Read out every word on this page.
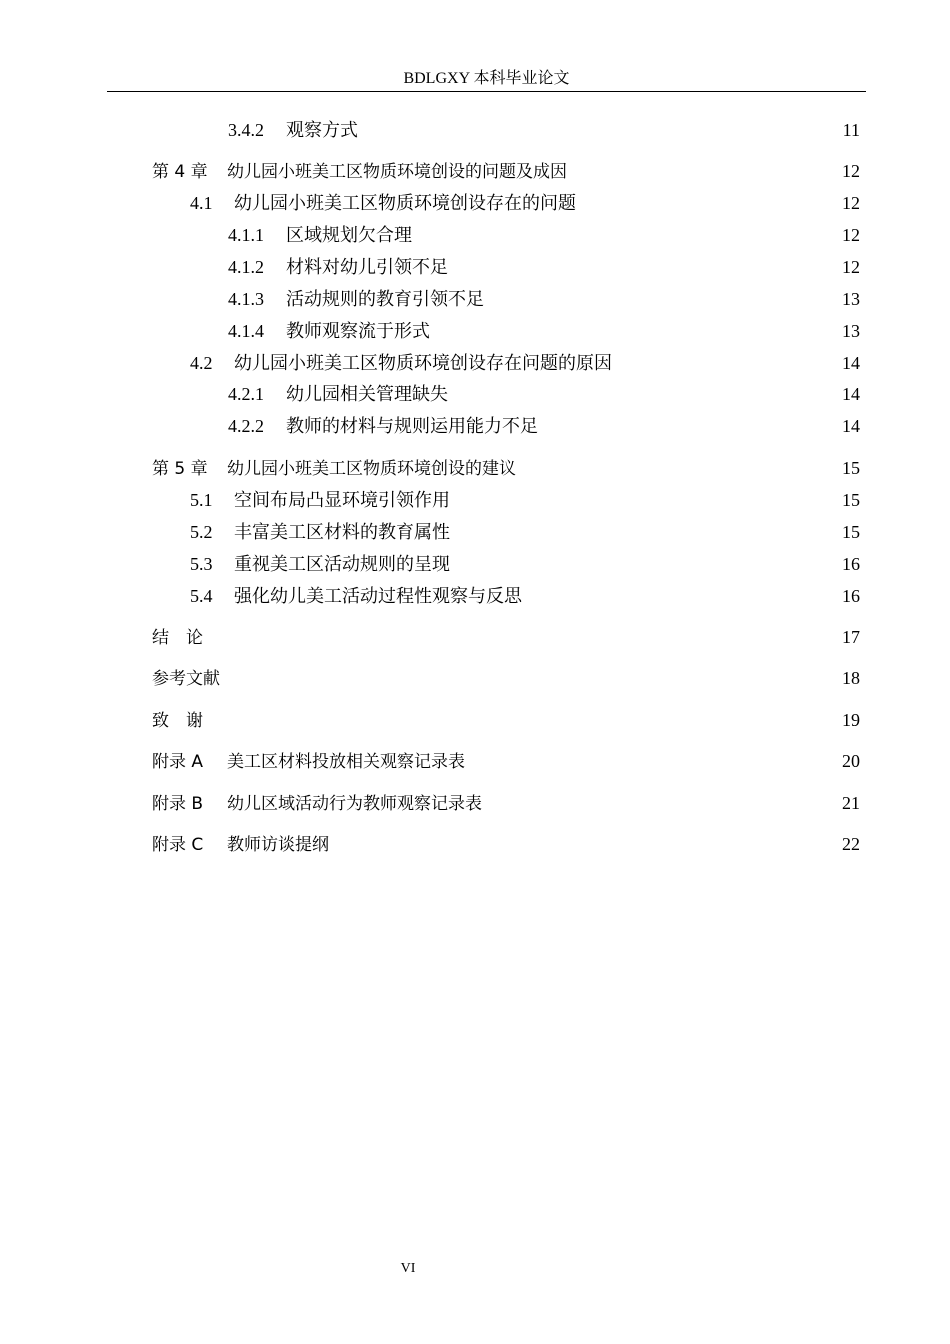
BDLGXY 本科毕业论文
3.4.2 观察方式	11
第 4 章 幼儿园小班美工区物质环境创设的问题及成因	12
4.1 幼儿园小班美工区物质环境创设存在的问题	12
4.1.1 区域规划欠合理	12
4.1.2 材料对幼儿引领不足	12
4.1.3 活动规则的教育引领不足	13
4.1.4 教师观察流于形式	13
4.2 幼儿园小班美工区物质环境创设存在问题的原因	14
4.2.1 幼儿园相关管理缺失	14
4.2.2 教师的材料与规则运用能力不足	14
第 5 章 幼儿园小班美工区物质环境创设的建议	15
5.1 空间布局凸显环境引领作用	15
5.2 丰富美工区材料的教育属性	15
5.3 重视美工区活动规则的呈现	16
5.4 强化幼儿美工活动过程性观察与反思	16
结　论	17
参考文献	18
致　谢	19
附录 A 美工区材料投放相关观察记录表	20
附录 B 幼儿区域活动行为教师观察记录表	21
附录 C 教师访谈提纲	22
VI
